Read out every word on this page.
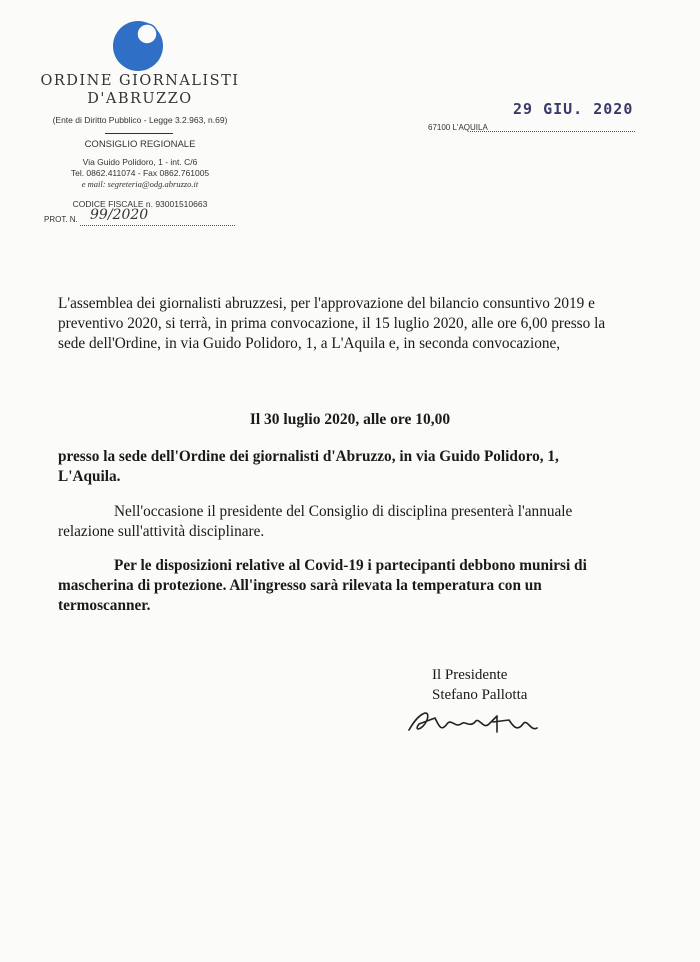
ORDINE GIORNALISTI
D'ABRUZZO
(Ente di Diritto Pubblico - Legge 3.2.963, n.69)
CONSIGLIO REGIONALE
Via Guido Polidoro, 1 - int. C/6
Tel. 0862.411074 - Fax 0862.761005
e mail: segreteria@odg.abruzzo.it
CODICE FISCALE n. 93001510663
PROT. N. 99/2020
29 GIU. 2020
67100 L'AQUILA
L'assemblea dei giornalisti abruzzesi, per l'approvazione del bilancio consuntivo 2019 e preventivo 2020, si terrà, in prima convocazione, il 15 luglio 2020, alle ore 6,00 presso la sede dell'Ordine, in via Guido Polidoro, 1, a L'Aquila e, in seconda convocazione,
Il 30 luglio 2020, alle ore 10,00
presso la sede dell'Ordine dei giornalisti d'Abruzzo, in via Guido Polidoro, 1, L'Aquila.
Nell'occasione il presidente del Consiglio di disciplina presenterà l'annuale relazione sull'attività disciplinare.
Per le disposizioni relative al Covid-19 i partecipanti debbono munirsi di mascherina di protezione. All'ingresso sarà rilevata la temperatura con un termoscanner.
Il Presidente
Stefano Pallotta
